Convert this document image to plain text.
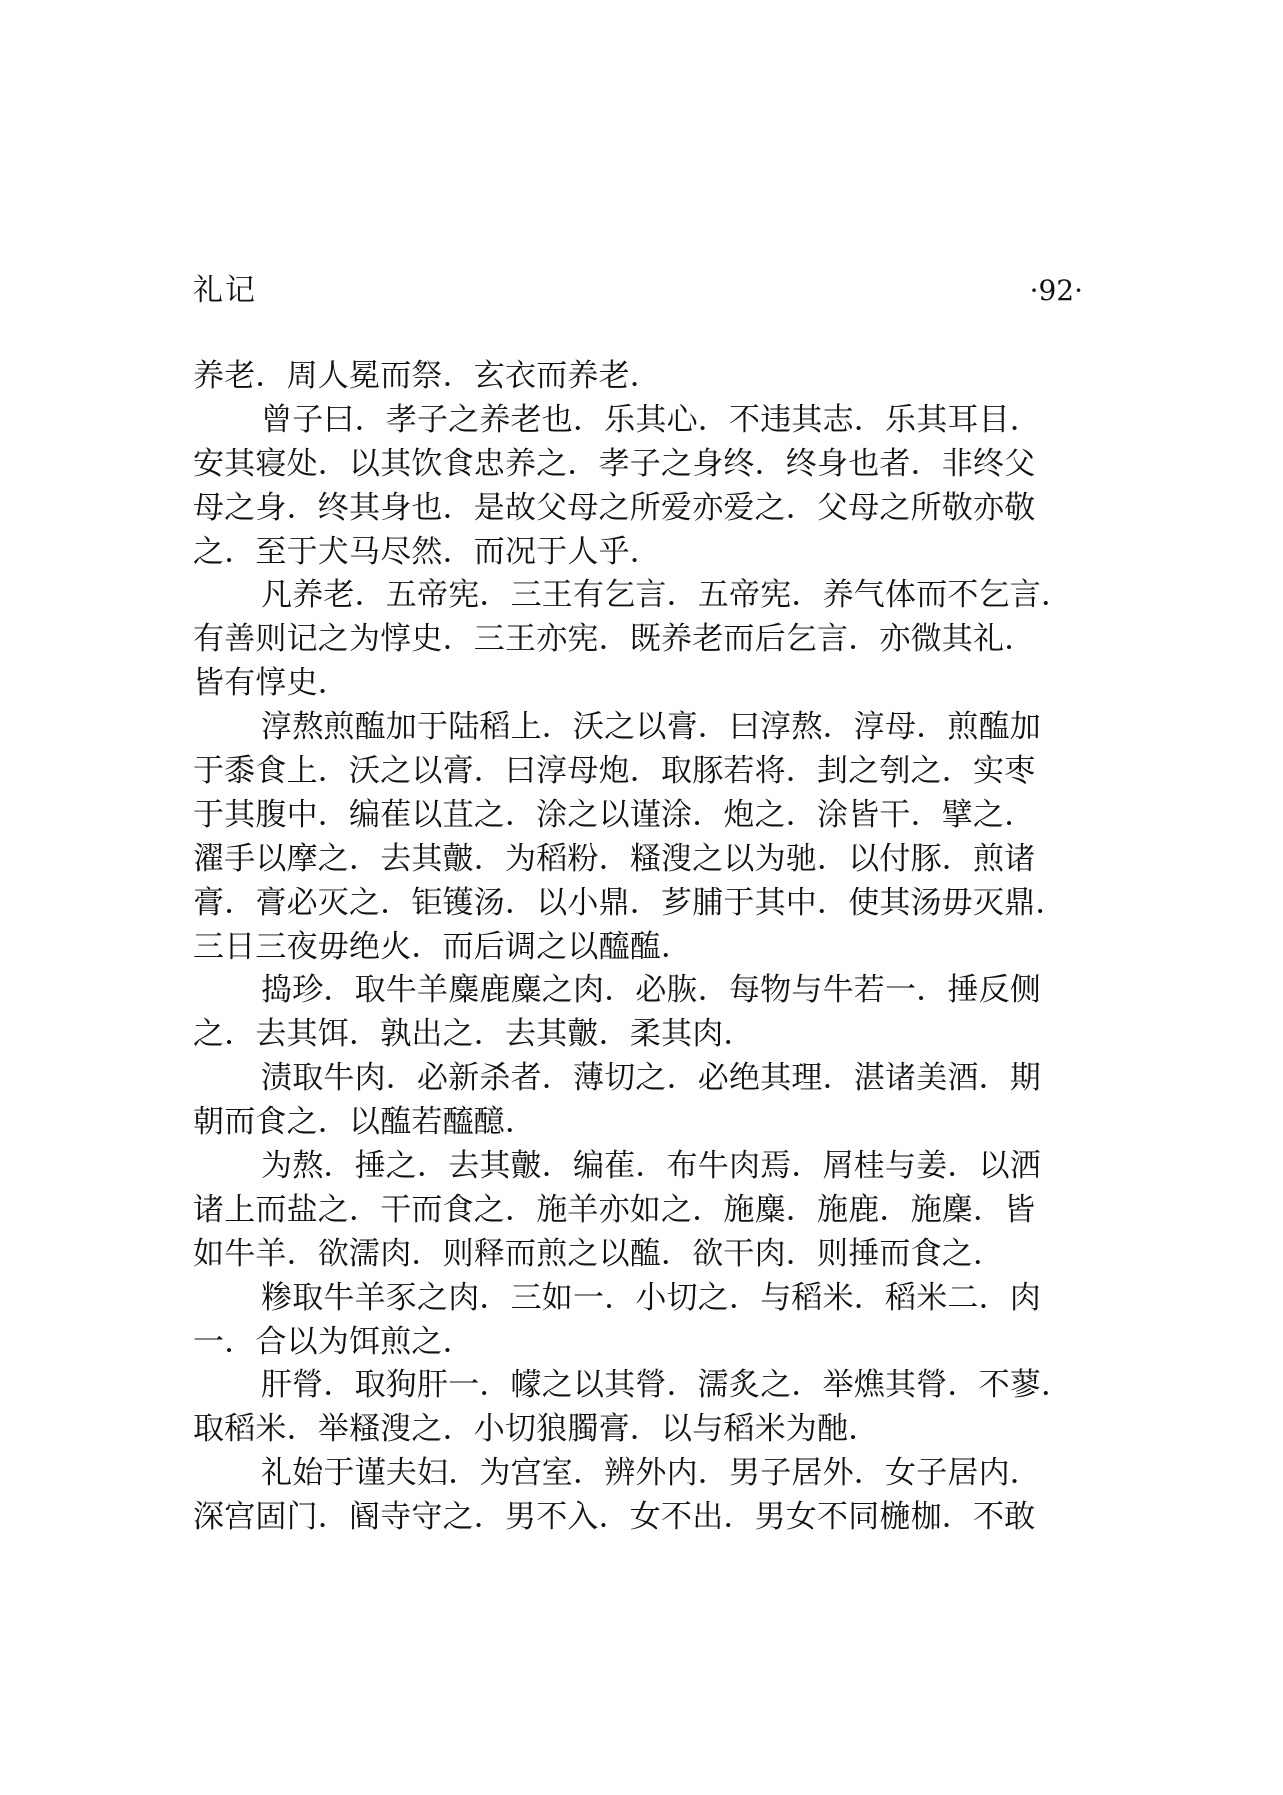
礼记	·92·
养老．周人冕而祭．玄衣而养老．
曾子曰．孝子之养老也．乐其心．不违其志．乐其耳目．
安其寝处．以其饮食忠养之．孝子之身终．终身也者．非终父
母之身．终其身也．是故父母之所爱亦爱之．父母之所敬亦敬
之．至于犬马尽然．而况于人乎．
凡养老．五帝宪．三王有乞言．五帝宪．养气体而不乞言．
有善则记之为惇史．三王亦宪．既养老而后乞言．亦微其礼．
皆有惇史．
淳熬煎醢加于陆稻上．沃之以膏．曰淳熬．淳母．煎醢加
于黍食上．沃之以膏．曰淳母炮．取豚若将．刲之刳之．实枣
于其腹中．编萑以苴之．涂之以谨涂．炮之．涂皆干．擘之．
濯手以摩之．去其皾．为稻粉．糔溲之以为驰．以付豚．煎诸
膏．膏必灭之．钜镬汤．以小鼎．芗脯于其中．使其汤毋灭鼎．
三日三夜毋绝火．而后调之以醯醢．
捣珍．取牛羊麋鹿麋之肉．必脄．每物与牛若一．捶反侧
之．去其饵．孰出之．去其皾．柔其肉．
渍取牛肉．必新杀者．薄切之．必绝其理．湛诸美酒．期
朝而食之．以醢若醯醷．
为熬．捶之．去其皾．编萑．布牛肉焉．屑桂与姜．以洒
诸上而盐之．干而食之．施羊亦如之．施麋．施鹿．施麇．皆
如牛羊．欲濡肉．则释而煎之以醢．欲干肉．则捶而食之．
糁取牛羊豕之肉．三如一．小切之．与稻米．稻米二．肉
一．合以为饵煎之．
肝膋．取狗肝一．幪之以其膋．濡炙之．举燋其膋．不蓼．
取稻米．举糔溲之．小切狼臅膏．以与稻米为酏．
礼始于谨夫妇．为宫室．辨外内．男子居外．女子居内．
深宫固门．阍寺守之．男不入．女不出．男女不同椸枷．不敢
